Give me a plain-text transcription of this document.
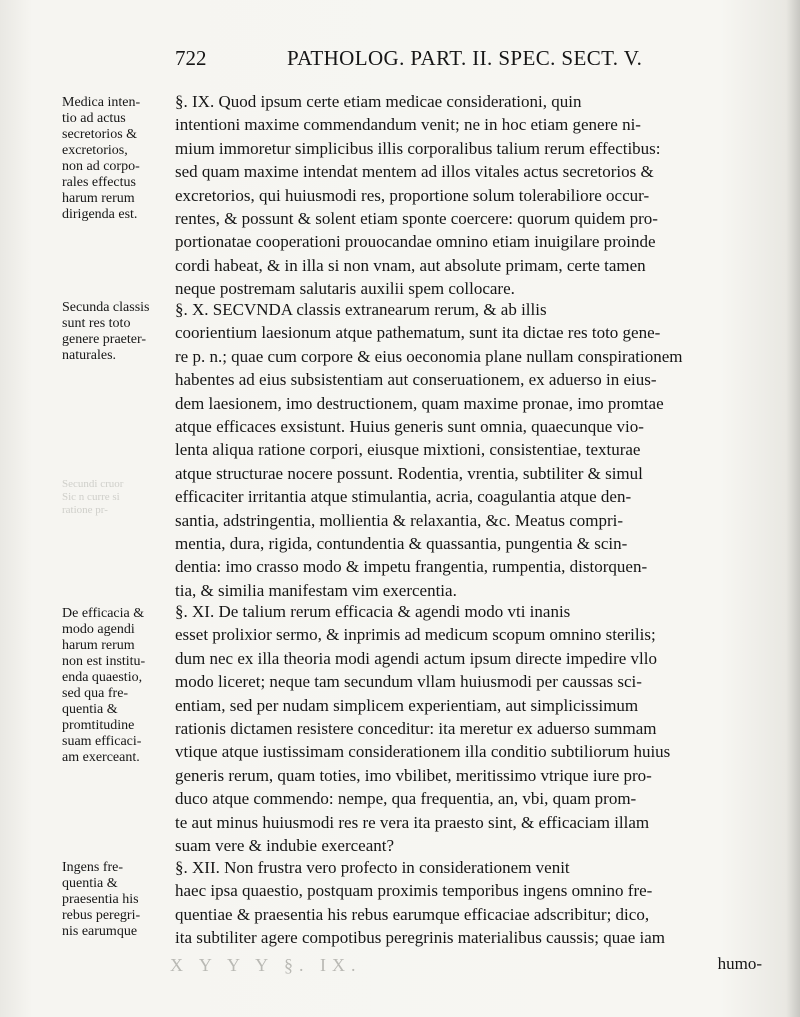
722	PATHOLOG. PART. II. SPEC. SECT. V.
Medica inten-
tio ad actus
secretorios &
excretorios,
non ad corpo-
rales effectus
harum rerum
dirigenda est.
Secunda classis
sunt res toto
genere praeter-
naturales.
Secundi cruor
Sic n curre si
ratione pr-
De efficacia &
modo agendi
harum rerum
non est institu-
enda quaestio,
sed qua fre-
quentia &
promtitudine
suam efficaci-
am exerceant.
Ingens fre-
quentia &
praesentia his
rebus peregri-
nis earumque
§. IX. Quod ipsum certe etiam medicae considerationi, quin
intentioni maxime commendandum venit; ne in hoc etiam genere ni-
mium immoretur simplicibus illis corporalibus talium rerum effectibus:
sed quam maxime intendat mentem ad illos vitales actus secretorios &
excretorios, qui huiusmodi res, proportione solum tolerabiliore occur-
rentes, & possunt & solent etiam sponte coercere: quorum quidem pro-
portionatae cooperationi prouocandae omnino etiam inuigilare proinde
cordi habeat, & in illa si non vnam, aut absolute primam, certe tamen
neque postremam salutaris auxilii spem collocare.
§. X. SECVNDA classis extranearum rerum, & ab illis
coorientium laesionum atque pathematum, sunt ita dictae res toto gene-
re p. n.; quae cum corpore & eius oeconomia plane nullam conspirationem
habentes ad eius subsistentiam aut conseruationem, ex aduerso in eius-
dem laesionem, imo destructionem, quam maxime pronae, imo promtae
atque efficaces exsistunt. Huius generis sunt omnia, quaecunque vio-
lenta aliqua ratione corpori, eiusque mixtioni, consistentiae, texturae
atque structurae nocere possunt. Rodentia, vrentia, subtiliter & simul
efficaciter irritantia atque stimulantia, acria, coagulantia atque den-
santia, adstringentia, mollientia & relaxantia, &c. Meatus compri-
mentia, dura, rigida, contundentia & quassantia, pungentia & scin-
dentia: imo crasso modo & impetu frangentia, rumpentia, distorquen-
tia, & similia manifestam vim exercentia.
§. XI. De talium rerum efficacia & agendi modo vti inanis
esset prolixior sermo, & inprimis ad medicum scopum omnino sterilis;
dum nec ex illa theoria modi agendi actum ipsum directe impedire vllo
modo liceret; neque tam secundum vllam huiusmodi per caussas sci-
entiam, sed per nudam simplicem experientiam, aut simplicissimum
rationis dictamen resistere conceditur: ita meretur ex aduerso summam
vtique atque iustissimam considerationem illa conditio subtiliorum huius
generis rerum, quam toties, imo vbilibet, meritissimo vtrique iure pro-
duco atque commendo: nempe, qua frequentia, an, vbi, quam prom-
te aut minus huiusmodi res re vera ita praesto sint, & efficaciam illam
suam vere & indubie exerceant?
§. XII. Non frustra vero profecto in considerationem venit
haec ipsa quaestio, postquam proximis temporibus ingens omnino fre-
quentiae & praesentia his rebus earumque efficaciae adscribitur; dico,
ita subtiliter agere compotibus peregrinis materialibus caussis; quae iam
X Y Y Y §. IX.	humo-
